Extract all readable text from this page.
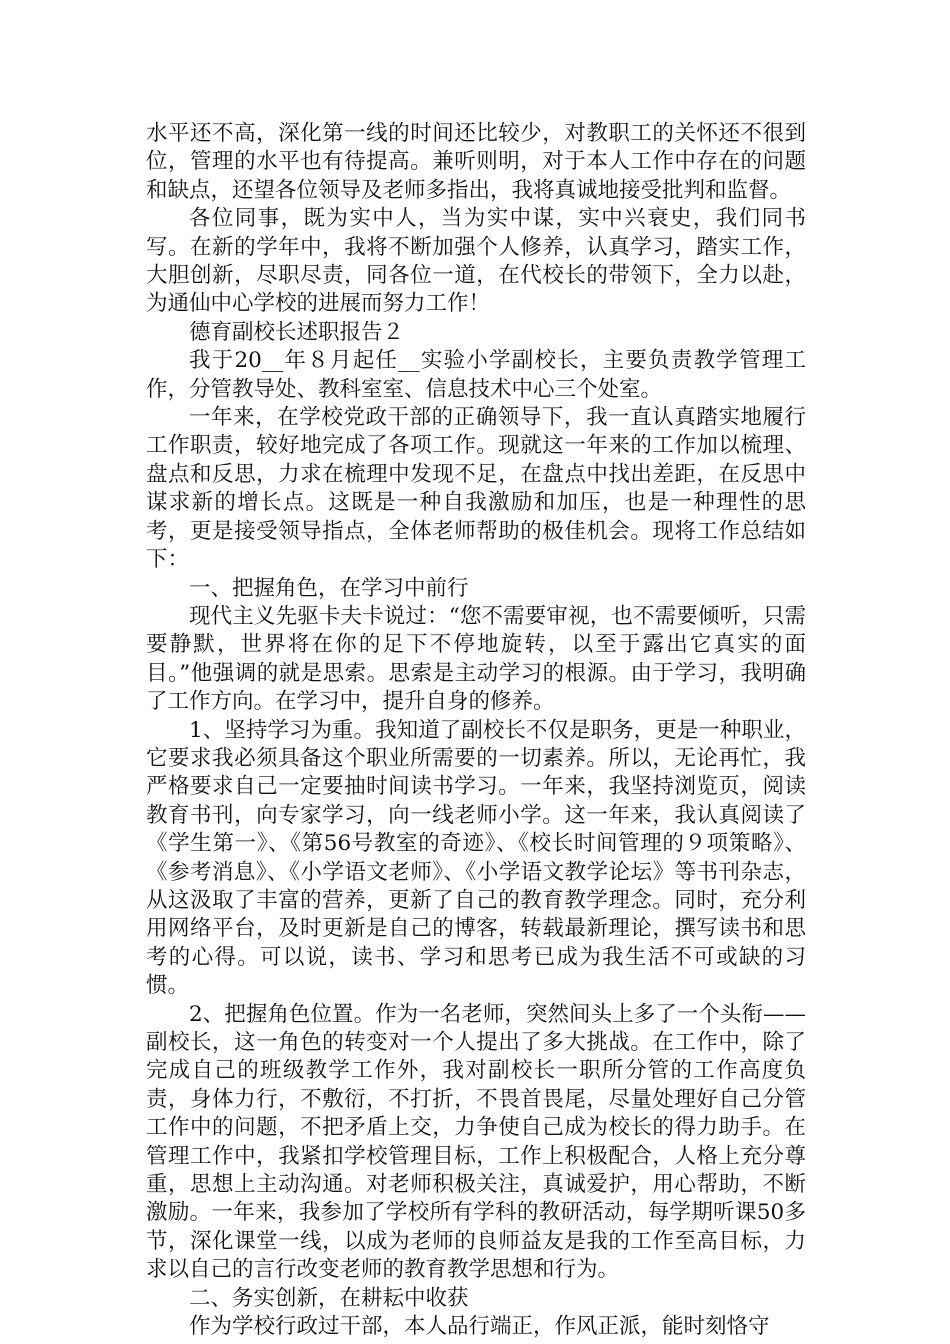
水平还不高，深化第一线的时间还比较少，对教职工的关怀还不很到位，管理的水平也有待提高。兼听则明，对于本人工作中存在的问题和缺点，还望各位领导及老师多指出，我将真诚地接受批判和监督。

各位同事，既为实中人，当为实中谋，实中兴衰史，我们同书写。在新的学年中，我将不断加强个人修养，认真学习，踏实工作，大胆创新，尽职尽责，同各位一道，在代校长的带领下，全力以赴，为通仙中心学校的进展而努力工作！

德育副校长述职报告２

我于20__年８月起任__实验小学副校长，主要负责教学管理工作，分管教导处、教科室室、信息技术中心三个处室。

一年来，在学校党政干部的正确领导下，我一直认真踏实地履行工作职责，较好地完成了各项工作。现就这一年来的工作加以梳理、盘点和反思，力求在梳理中发现不足，在盘点中找出差距，在反思中谋求新的增长点。这既是一种自我激励和加压，也是一种理性的思考，更是接受领导指点，全体老师帮助的极佳机会。现将工作总结如下：

一、把握角色，在学习中前行

现代主义先驱卡夫卡说过：“您不需要审视，也不需要倾听，只需要静默，世界将在你的足下不停地旋转，以至于露出它真实的面目。”他强调的就是思索。思索是主动学习的根源。由于学习，我明确了工作方向。在学习中，提升自身的修养。

1、坚持学习为重。我知道了副校长不仅是职务，更是一种职业，它要求我必须具备这个职业所需要的一切素养。所以，无论再忙，我严格要求自己一定要抽时间读书学习。一年来，我坚持浏览页，阅读教育书刊，向专家学习，向一线老师小学。这一年来，我认真阅读了《学生第一》、《第56号教室的奇迹》、《校长时间管理的９项策略》、《参考消息》、《小学语文老师》、《小学语文教学论坛》等书刊杂志，从这汲取了丰富的营养，更新了自己的教育教学理念。同时，充分利用网络平台，及时更新是自己的博客，转载最新理论，撰写读书和思考的心得。可以说，读书、学习和思考已成为我生活不可或缺的习惯。

2、把握角色位置。作为一名老师，突然间头上多了一个头衔——副校长，这一角色的转变对一个人提出了多大挑战。在工作中，除了完成自己的班级教学工作外，我对副校长一职所分管的工作高度负责，身体力行，不敷衍，不打折，不畏首畏尾，尽量处理好自己分管工作中的问题，不把矛盾上交，力争使自己成为校长的得力助手。在管理工作中，我紧扣学校管理目标，工作上积极配合，人格上充分尊重，思想上主动沟通。对老师积极关注，真诚爱护，用心帮助，不断激励。一年来，我参加了学校所有学科的教研活动，每学期听课50多节，深化课堂一线，以成为老师的良师益友是我的工作至高目标，力求以自己的言行改变老师的教育教学思想和行为。

二、务实创新，在耕耘中收获

作为学校行政过干部，本人品行端正，作风正派，能时刻恪守
